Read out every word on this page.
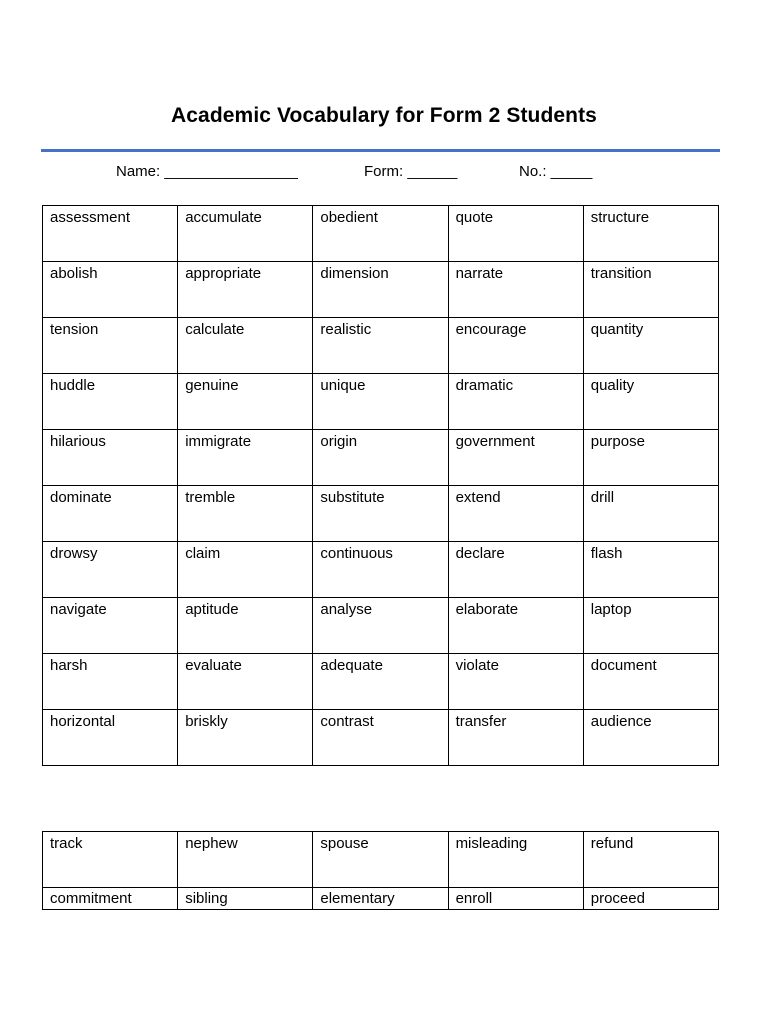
Academic Vocabulary for Form 2 Students
Name: ________________	Form: ______	No.: _____
assessment	accumulate	obedient	quote	structure
abolish	appropriate	dimension	narrate	transition
tension	calculate	realistic	encourage	quantity
huddle	genuine	unique	dramatic	quality
hilarious	immigrate	origin	government	purpose
dominate	tremble	substitute	extend	drill
drowsy	claim	continuous	declare	flash
navigate	aptitude	analyse	elaborate	laptop
harsh	evaluate	adequate	violate	document
horizontal	briskly	contrast	transfer	audience
track	nephew	spouse	misleading	refund
commitment	sibling	elementary	enroll	proceed
